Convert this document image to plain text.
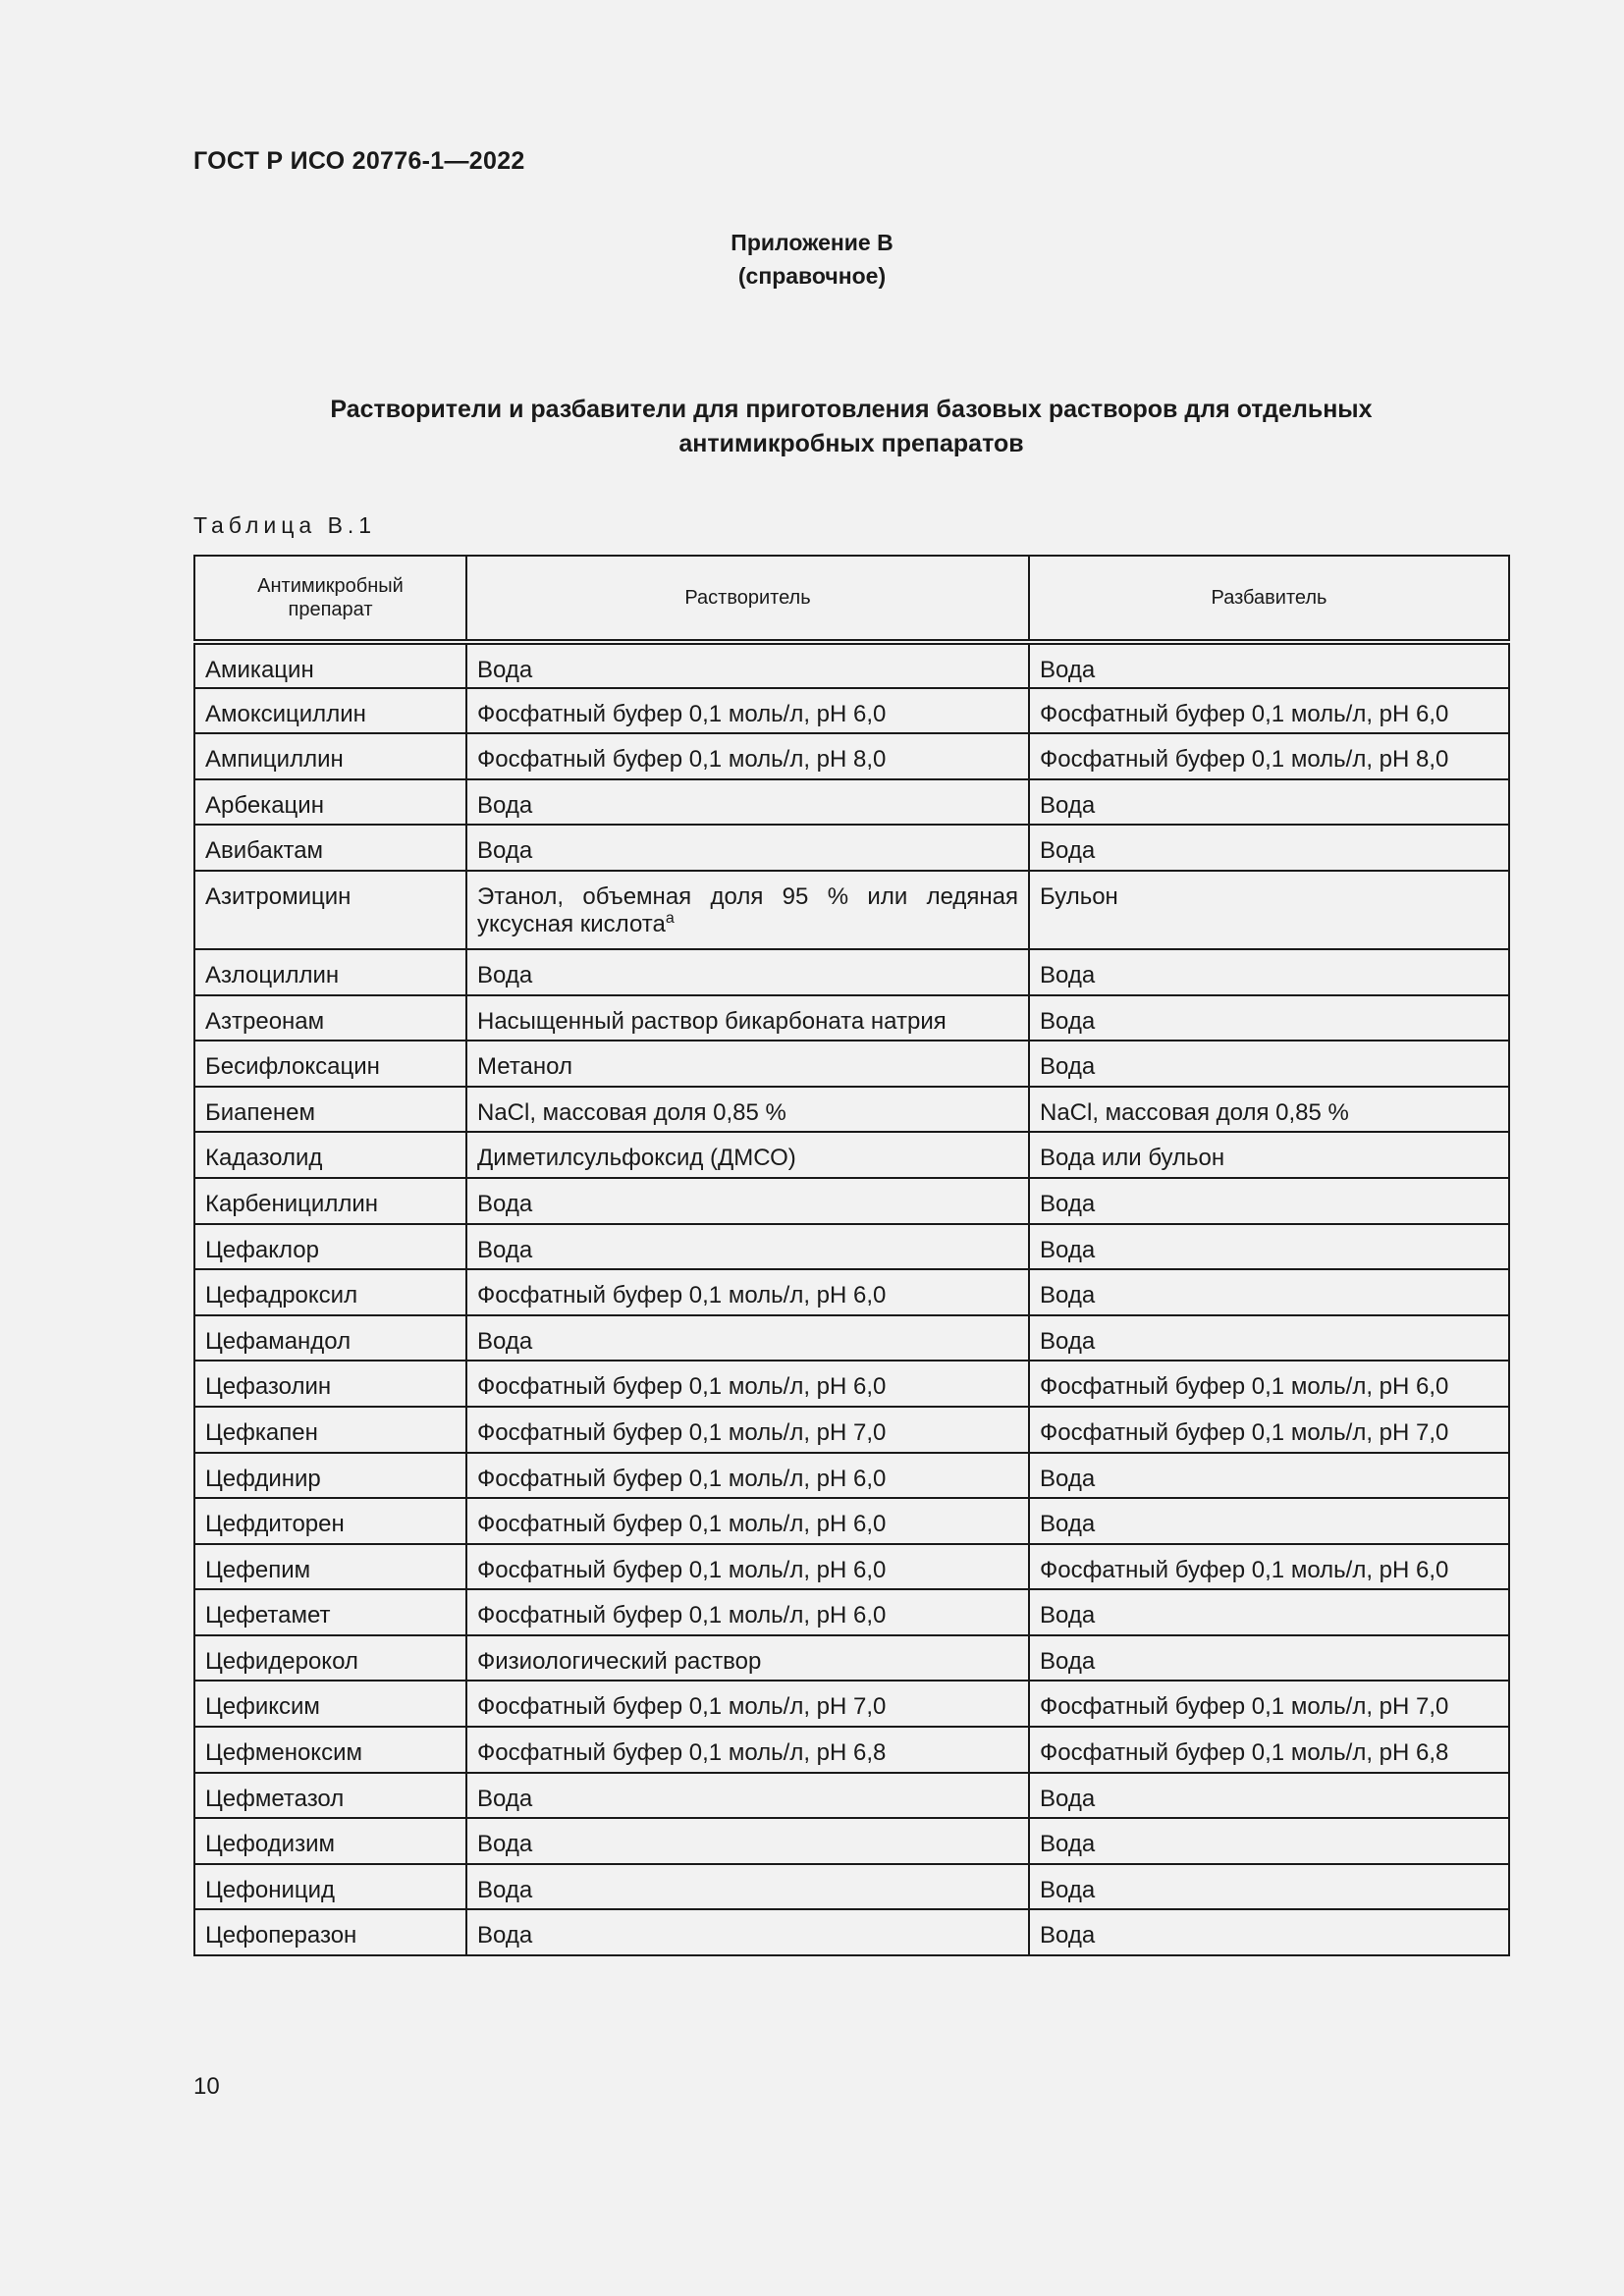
ГОСТ Р ИСО 20776-1—2022
Приложение В
(справочное)
Растворители и разбавители для приготовления базовых растворов для отдельных антимикробных препаратов
Таблица В.1
Антимикробный препарат	Растворитель	Разбавитель
Амикацин	Вода	Вода
Амоксициллин	Фосфатный буфер 0,1 моль/л, рН 6,0	Фосфатный буфер 0,1 моль/л, рН 6,0
Ампициллин	Фосфатный буфер 0,1 моль/л, рН 8,0	Фосфатный буфер 0,1 моль/л, рН 8,0
Арбекацин	Вода	Вода
Авибактам	Вода	Вода
Азитромицин	Этанол, объемная доля 95 % или ледяная уксусная кислота$^a$	Бульон
Азлоциллин	Вода	Вода
Азтреонам	Насыщенный раствор бикарбоната натрия	Вода
Бесифлоксацин	Метанол	Вода
Биапенем	NaCl, массовая доля 0,85 %	NaCl, массовая доля 0,85 %
Кадазолид	Диметилсульфоксид (ДМСО)	Вода или бульон
Карбенициллин	Вода	Вода
Цефаклор	Вода	Вода
Цефадроксил	Фосфатный буфер 0,1 моль/л, рН 6,0	Вода
Цефамандол	Вода	Вода
Цефазолин	Фосфатный буфер 0,1 моль/л, рН 6,0	Фосфатный буфер 0,1 моль/л, рН 6,0
Цефкапен	Фосфатный буфер 0,1 моль/л, рН 7,0	Фосфатный буфер 0,1 моль/л, рН 7,0
Цефдинир	Фосфатный буфер 0,1 моль/л, рН 6,0	Вода
Цефдиторен	Фосфатный буфер 0,1 моль/л, рН 6,0	Вода
Цефепим	Фосфатный буфер 0,1 моль/л, рН 6,0	Фосфатный буфер 0,1 моль/л, рН 6,0
Цефетамет	Фосфатный буфер 0,1 моль/л, рН 6,0	Вода
Цефидерокол	Физиологический раствор	Вода
Цефиксим	Фосфатный буфер 0,1 моль/л, рН 7,0	Фосфатный буфер 0,1 моль/л, рН 7,0
Цефменоксим	Фосфатный буфер 0,1 моль/л, рН 6,8	Фосфатный буфер 0,1 моль/л, рН 6,8
Цефметазол	Вода	Вода
Цефодизим	Вода	Вода
Цефоницид	Вода	Вода
Цефоперазон	Вода	Вода
10
